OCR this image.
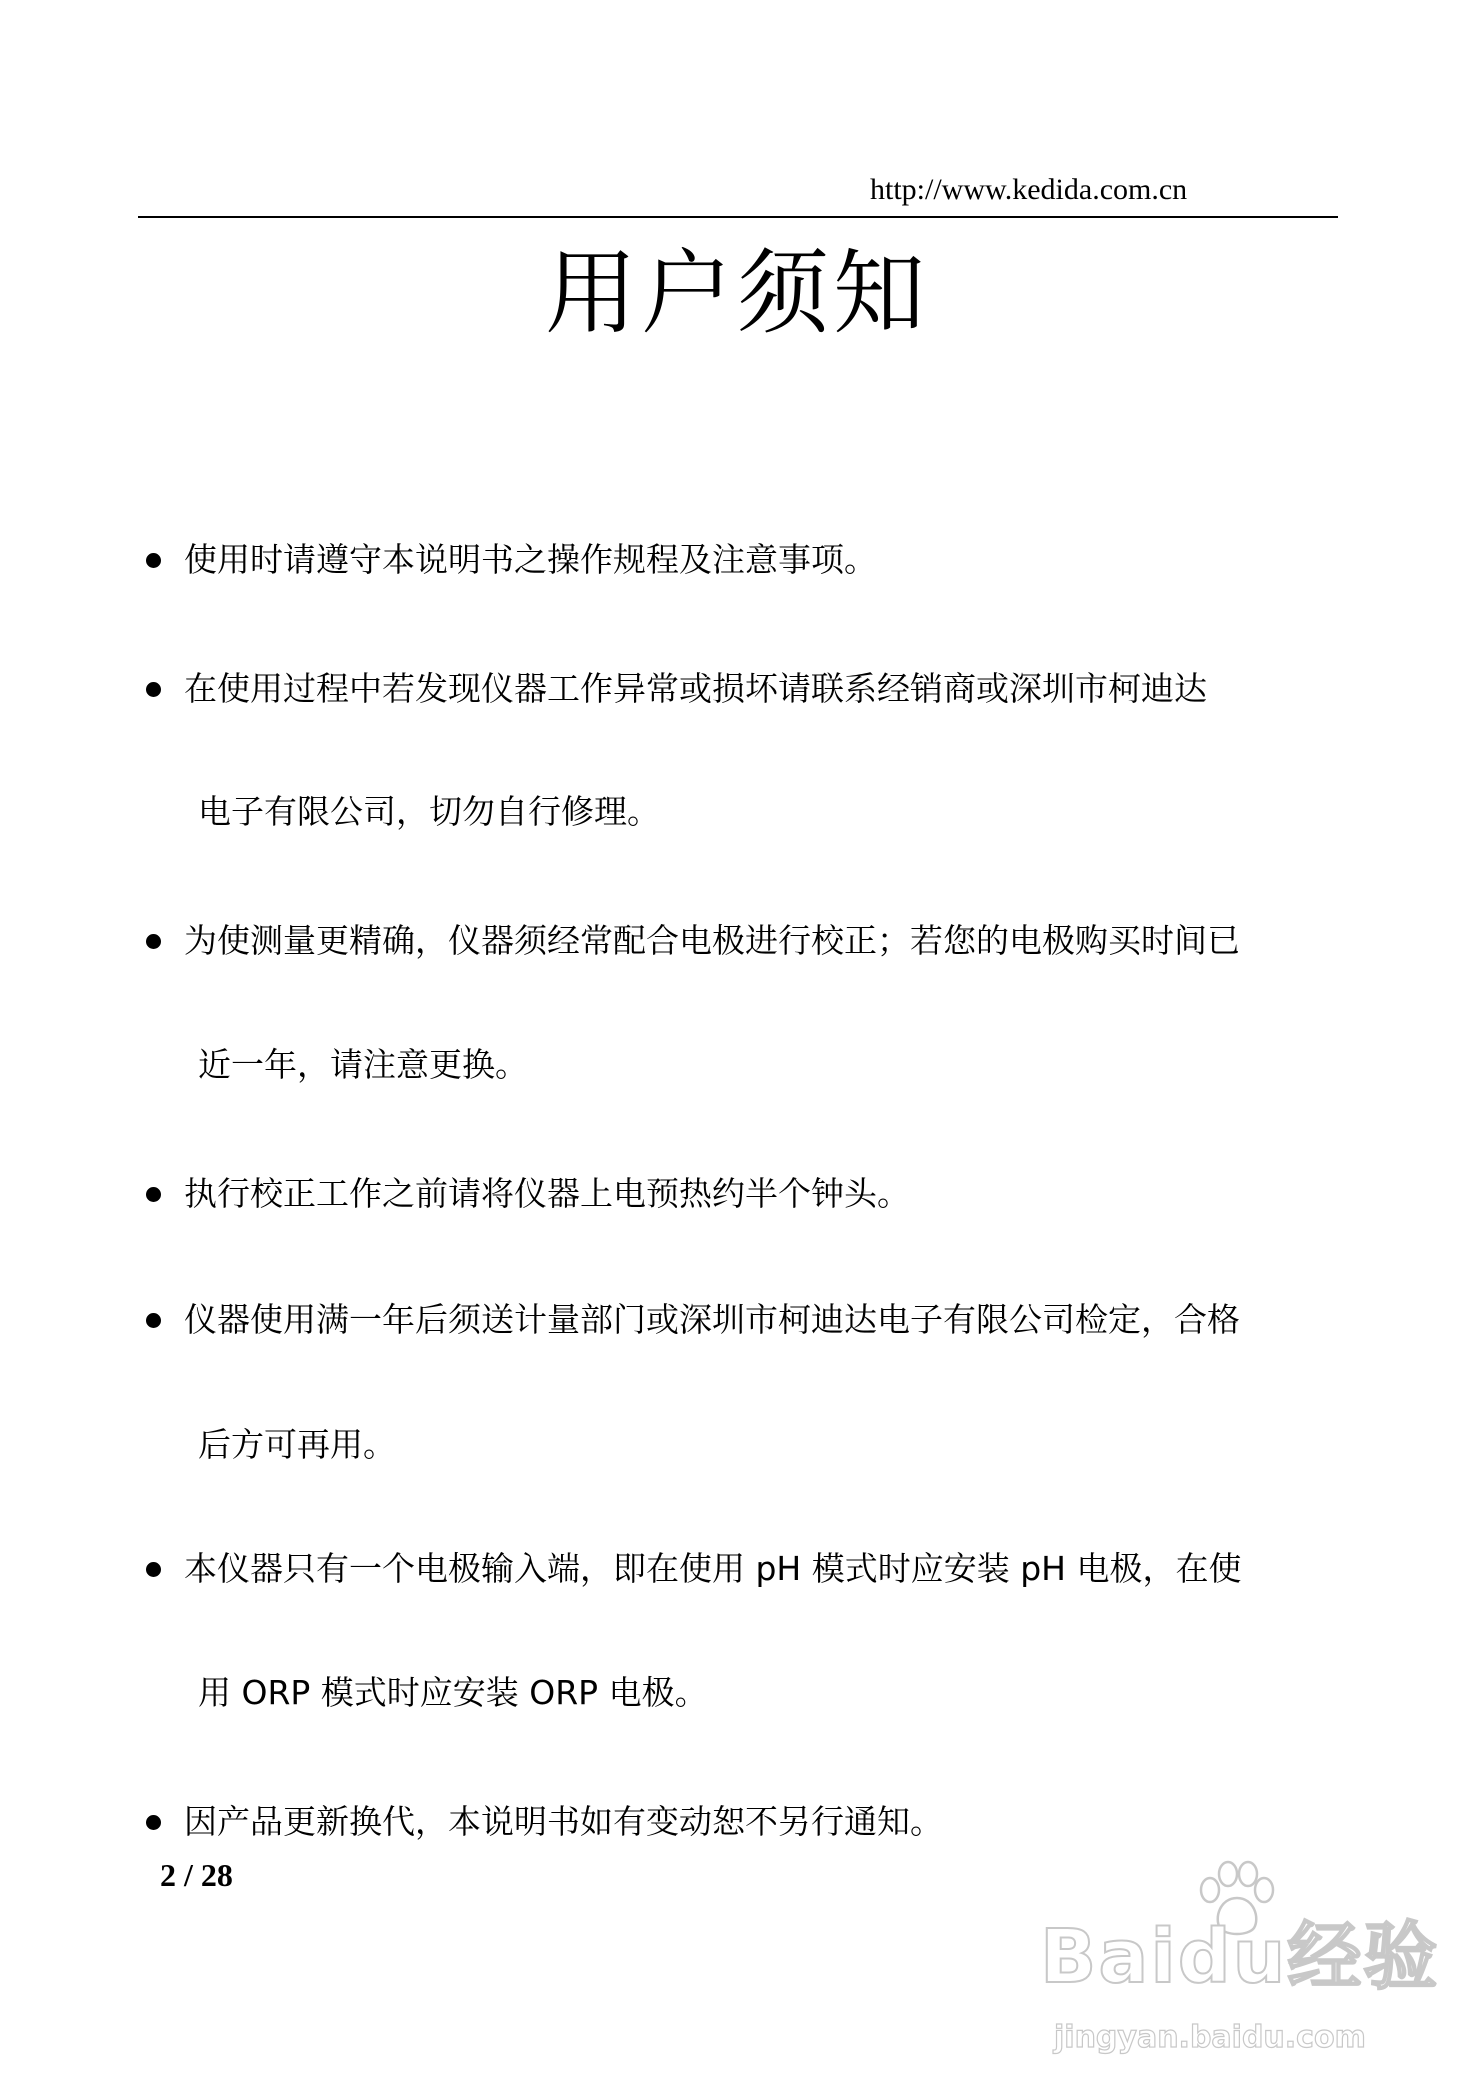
http://www.kedida.com.cn
用户须知
使用时请遵守本说明书之操作规程及注意事项。
在使用过程中若发现仪器工作异常或损坏请联系经销商或深圳市柯迪达
电子有限公司，切勿自行修理。
为使测量更精确，仪器须经常配合电极进行校正；若您的电极购买时间已
近一年，请注意更换。
执行校正工作之前请将仪器上电预热约半个钟头。
仪器使用满一年后须送计量部门或深圳市柯迪达电子有限公司检定，合格
后方可再用。
本仪器只有一个电极输入端，即在使用 pH 模式时应安装 pH 电极，在使
用 ORP 模式时应安装 ORP 电极。
因产品更新换代，本说明书如有变动恕不另行通知。
2 / 28
Baidu经验
jingyan.baidu.com
